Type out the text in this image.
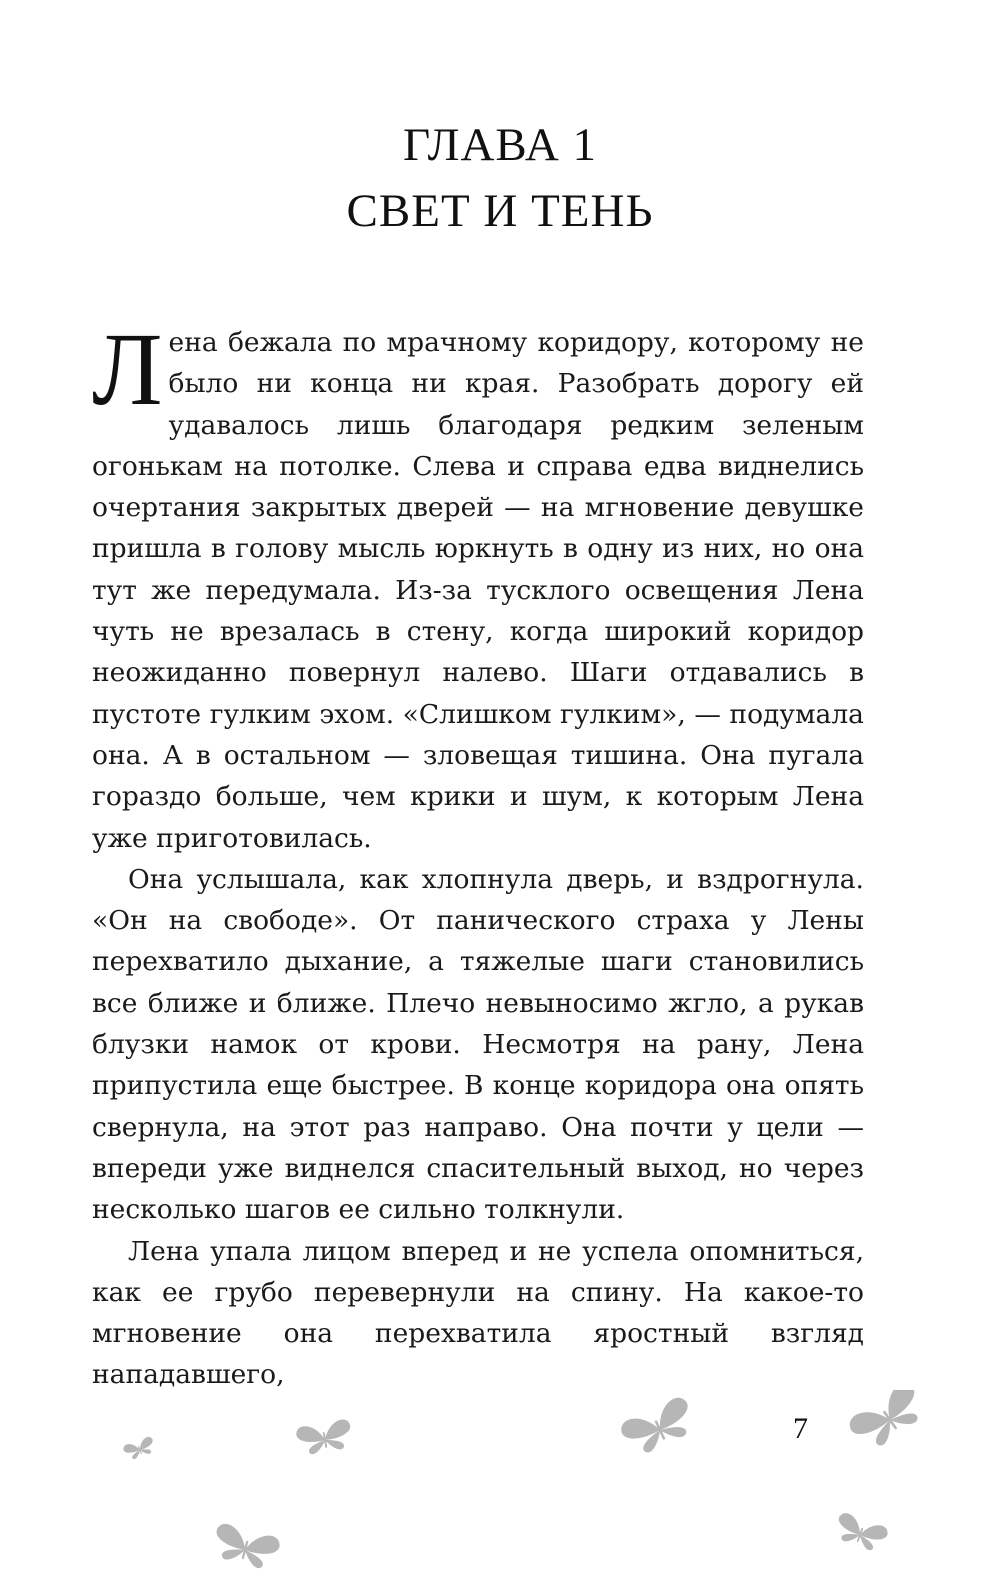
ГЛАВА 1
СВЕТ И ТЕНЬ

Лена бежала по мрачному коридору, которому не было ни конца ни края. Разобрать дорогу ей удавалось лишь благодаря редким зеленым огонькам на потолке. Слева и справа едва виднелись очертания закрытых дверей — на мгновение девушке пришла в голову мысль юркнуть в одну из них, но она тут же передумала. Из-за тусклого освещения Лена чуть не врезалась в стену, когда широкий коридор неожиданно повернул налево. Шаги отдавались в пустоте гулким эхом. «Слишком гулким», — подумала она. А в остальном — зловещая тишина. Она пугала гораздо больше, чем крики и шум, к которым Лена уже приготовилась.

Она услышала, как хлопнула дверь, и вздрогнула. «Он на свободе». От панического страха у Лены перехватило дыхание, а тяжелые шаги становились все ближе и ближе. Плечо невыносимо жгло, а рукав блузки намок от крови. Несмотря на рану, Лена припустила еще быстрее. В конце коридора она опять свернула, на этот раз направо. Она почти у цели — впереди уже виднелся спасительный выход, но через несколько шагов ее сильно толкнули.

Лена упала лицом вперед и не успела опомниться, как ее грубо перевернули на спину. На какое-то мгновение она перехватила яростный взгляд нападавшего,

7
